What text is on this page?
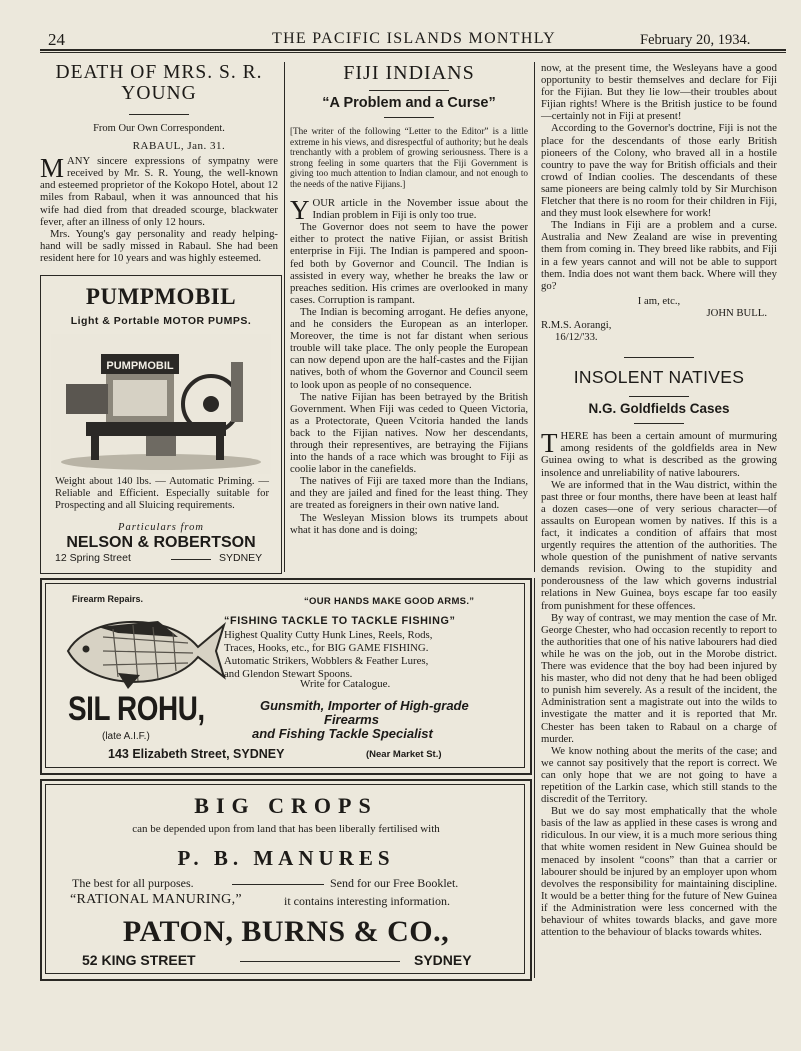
24	THE PACIFIC ISLANDS MONTHLY	February 20, 1934.
DEATH OF MRS. S. R. YOUNG
From Our Own Correspondent.
RABAUL, Jan. 31.

MANY sincere expressions of sympatny were received by Mr. S. R. Young, the well-known and esteemed proprietor of the Kokopo Hotel, about 12 miles from Rabaul, when it was announced that his wife had died from that dreaded scourge, blackwater fever, after an illness of only 12 hours.

Mrs. Young's gay personality and ready helping-hand will be sadly missed in Rabaul. She had been resident here for 10 years and was highly esteemed.

PUMPMOBIL
Light & Portable MOTOR PUMPS.
PUMPMOBIL
Weight about 140 lbs. — Automatic Priming. — Reliable and Efficient. Especially suitable for Prospecting and all Sluicing requirements.
Particulars from
NELSON & ROBERTSON
12 Spring Street	SYDNEY
FIJI INDIANS
“A Problem and a Curse”
[The writer of the following “Letter to the Editor” is a little extreme in his views, and disrespectful of authority; but he deals trenchantly with a problem of growing seriousness. There is a strong feeling in some quarters that the Fiji Government is giving too much attention to Indian clamour, and not enough to the needs of the native Fijians.]

YOUR article in the November issue about the Indian problem in Fiji is only too true.

The Governor does not seem to have the power either to protect the native Fijian, or assist British enterprise in Fiji. The Indian is pampered and spoon-fed both by Governor and Council. The Indian is assisted in every way, whether he breaks the law or preaches sedition. His crimes are overlooked in many cases. Corruption is rampant.

The Indian is becoming arrogant. He defies anyone, and he considers the European as an interloper. Moreover, the time is not far distant when serious trouble will take place. The only people the European can now depend upon are the half-castes and the Fijian natives, both of whom the Governor and Council seem to look upon as people of no consequence.

The native Fijian has been betrayed by the British Government. When Fiji was ceded to Queen Victoria, as a Protectorate, Queen Vcitoria handed the lands back to the Fijian natives. Now her descendants, through their representives, are betraying the Fijians into the hands of a race which was brought to Fiji as coolie labor in the canefields.

The natives of Fiji are taxed more than the Indians, and they are jailed and fined for the least thing. They are treated as foreigners in their own native land.

The Wesleyan Mission blows its trumpets about what it has done and is doing;

now, at the present time, the Wesleyans have a good opportunity to bestir themselves and declare for Fiji for the Fijian. But they lie low—their troubles about Fijian rights! Where is the British justice to be found—certainly not in Fiji at present!

According to the Governor's doctrine, Fiji is not the place for the descendants of those early British pioneers of the Colony, who braved all in a hostile country to pave the way for British officials and their crowd of Indian coolies. The descendants of these same pioneers are being calmly told by Sir Murchison Fletcher that there is no room for their children in Fiji, and they must look elsewhere for work!

The Indians in Fiji are a problem and a curse. Australia and New Zealand are wise in preventing them from coming in. They breed like rabbits, and Fiji in a few years cannot and will not be able to support them. India does not want them back. Where will they go?

I am, etc.,
JOHN BULL.
R.M.S. Aorangi,
16/12/'33.
INSOLENT NATIVES
N.G. Goldfields Cases

THERE has been a certain amount of murmuring among residents of the goldfields area in New Guinea owing to what is described as the growing insolence and unreliability of native labourers.

We are informed that in the Wau district, within the past three or four months, there have been at least half a dozen cases—one of very serious character—of assaults on European women by natives. If this is a fact, it indicates a condition of affairs that most urgently requires the attention of the authorities. The whole question of the punishment of native servants demands revision. Owing to the stupidity and ponderousness of the law which governs industrial relations in New Guinea, boys escape far too easily from punishment for these offences.

By way of contrast, we may mention the case of Mr. George Chester, who had occasion recently to report to the authorities that one of his native labourers had died while he was on the job, out in the Morobe district. There was evidence that the boy had been injured by his master, who did not deny that he had been obliged to punish him severely. As a result of the incident, the Administration sent a magistrate out into the wilds to investigate the matter and it is reported that Mr. Chester has been taken to Rabaul on a charge of murder.

We know nothing about the merits of the case; and we cannot say positively that the report is correct. We can only hope that we are not going to have a repetition of the Larkin case, which still stands to the discredit of the Territory.

But we do say most emphatically that the whole basis of the law as applied in these cases is wrong and ridiculous. In our view, it is a much more serious thing that white women resident in New Guinea should be menaced by insolent “coons” than that a carrier or labourer should be injured by an employer upon whom devolves the responsibility for maintaining discipline. It would be a better thing for the future of New Guinea if the Administration were less concerned with the behaviour of whites towards blacks, and gave more attention to the behaviour of blacks towards whites.

Firearm Repairs.	“OUR HANDS MAKE GOOD ARMS.”
“FISHING TACKLE TO TACKLE FISHING”
Highest Quality Cutty Hunk Lines, Reels, Rods,
Traces, Hooks, etc., for BIG GAME FISHING.
Automatic Strikers, Wobblers & Feather Lures,
and Glendon Stewart Spoons.
Write for Catalogue.
SIL ROHU,
(late A.I.F.)
Gunsmith, Importer of High-grade
Firearms
and Fishing Tackle Specialist
143 Elizabeth Street, SYDNEY	(Near Market St.)
BIG CROPS
can be depended upon from land that has been liberally fertilised with
P. B. MANURES
The best for all purposes.	Send for our Free Booklet.
“RATIONAL MANURING,”	it contains interesting information.
PATON, BURNS & CO.,
52 KING STREET	SYDNEY
